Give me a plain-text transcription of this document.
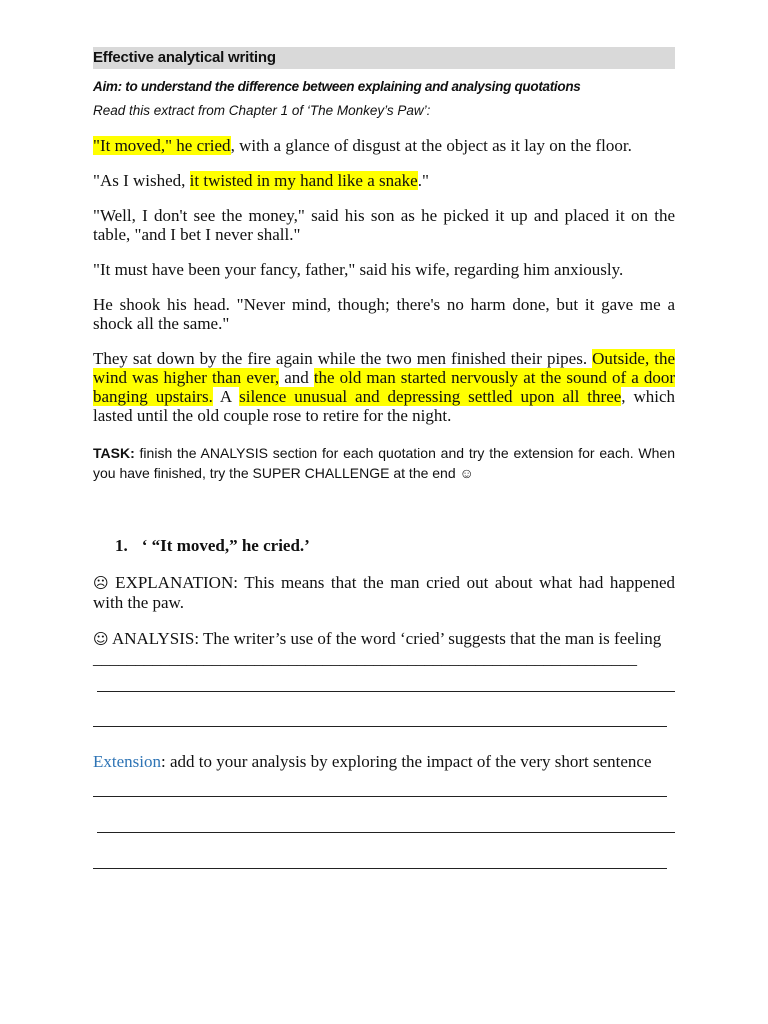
Effective analytical writing
Aim: to understand the difference between explaining and analysing quotations
Read this extract from Chapter 1 of ‘The Monkey’s Paw’:

"It moved," he cried, with a glance of disgust at the object as it lay on the floor.

"As I wished, it twisted in my hand like a snake."

"Well, I don't see the money," said his son as he picked it up and placed it on the table, "and I bet I never shall."

"It must have been your fancy, father," said his wife, regarding him anxiously.

He shook his head. "Never mind, though; there's no harm done, but it gave me a shock all the same."

They sat down by the fire again while the two men finished their pipes. Outside, the wind was higher than ever, and the old man started nervously at the sound of a door banging upstairs. A silence unusual and depressing settled upon all three, which lasted until the old couple rose to retire for the night.

TASK: finish the ANALYSIS section for each quotation and try the extension for each. When you have finished, try the SUPER CHALLENGE at the end ☺
1. ‘ “It moved,” he cried.’

☹ EXPLANATION: This means that the man cried out about what had happened with the paw.

☺ ANALYSIS: The writer’s use of the word ‘cried’ suggests that the man is feeling ________________________________________________________________

Extension: add to your analysis by exploring the impact of the very short sentence
